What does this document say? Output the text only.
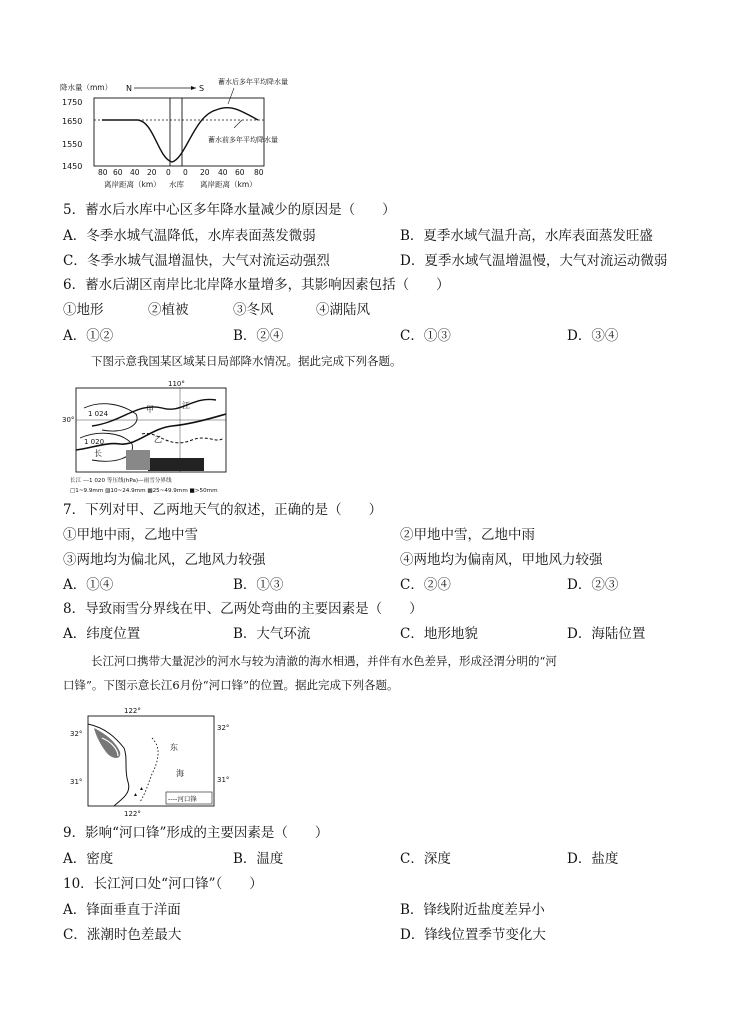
降水量（mm） N	S
蓄水后多年平均降水量
1750
1650
1550
1450
蓄水前多年平均降水量
80 60 40 20 0 0 20 40 60 80
离岸距离（km） 水库 离岸距离（km）
5．蓄水后水库中心区多年降水量减少的原因是（　　）
A．冬季水城气温降低，水库表面蒸发微弱	B．夏季水域气温升高，水库表面蒸发旺盛
C．冬季水城气温增温快，大气对流运动强烈	D．夏季水域气温增温慢，大气对流运动微弱
6．蓄水后湖区南岸比北岸降水量增多，其影响因素包括（　　）
①地形	②植被	③冬风	④湖陆风
A．①②	B．②④	C．①③	D．③④
下图示意我国某区域某日局部降水情况。据此完成下列各题。
110°
30°
1 024
1 020
甲
乙
江
长
长江 ---1 020 等压线(hPa)—雨雪分界线
□1~9.9mm ▨10~24.9mm ▩25~49.9mm ■>50mm
7．下列对甲、乙两地天气的叙述，正确的是（　　）
①甲地中雨，乙地中雪	②甲地中雪，乙地中雨
③两地均为偏北风，乙地风力较强	④两地均为偏南风，甲地风力较强
A．①④	B．①③	C．②④	D．②③
8．导致雨雪分界线在甲、乙两处弯曲的主要因素是（　　）
A．纬度位置	B．大气环流	C．地形地貌	D．海陆位置
长江河口携带大量泥沙的河水与较为清澈的海水相遇，并伴有水色差异，形成泾渭分明的“河
口锋”。下图示意长江6月份“河口锋”的位置。据此完成下列各题。
122°
32°
32°
31°	31°
东
海
▴
▴
----河口锋
122°
9．影响“河口锋”形成的主要因素是（　　）
A．密度	B．温度	C．深度	D．盐度
10．长江河口处“河口锋”（　　）
A．锋面垂直于洋面	B．锋线附近盐度差异小
C．涨潮时色差最大	D．锋线位置季节变化大
